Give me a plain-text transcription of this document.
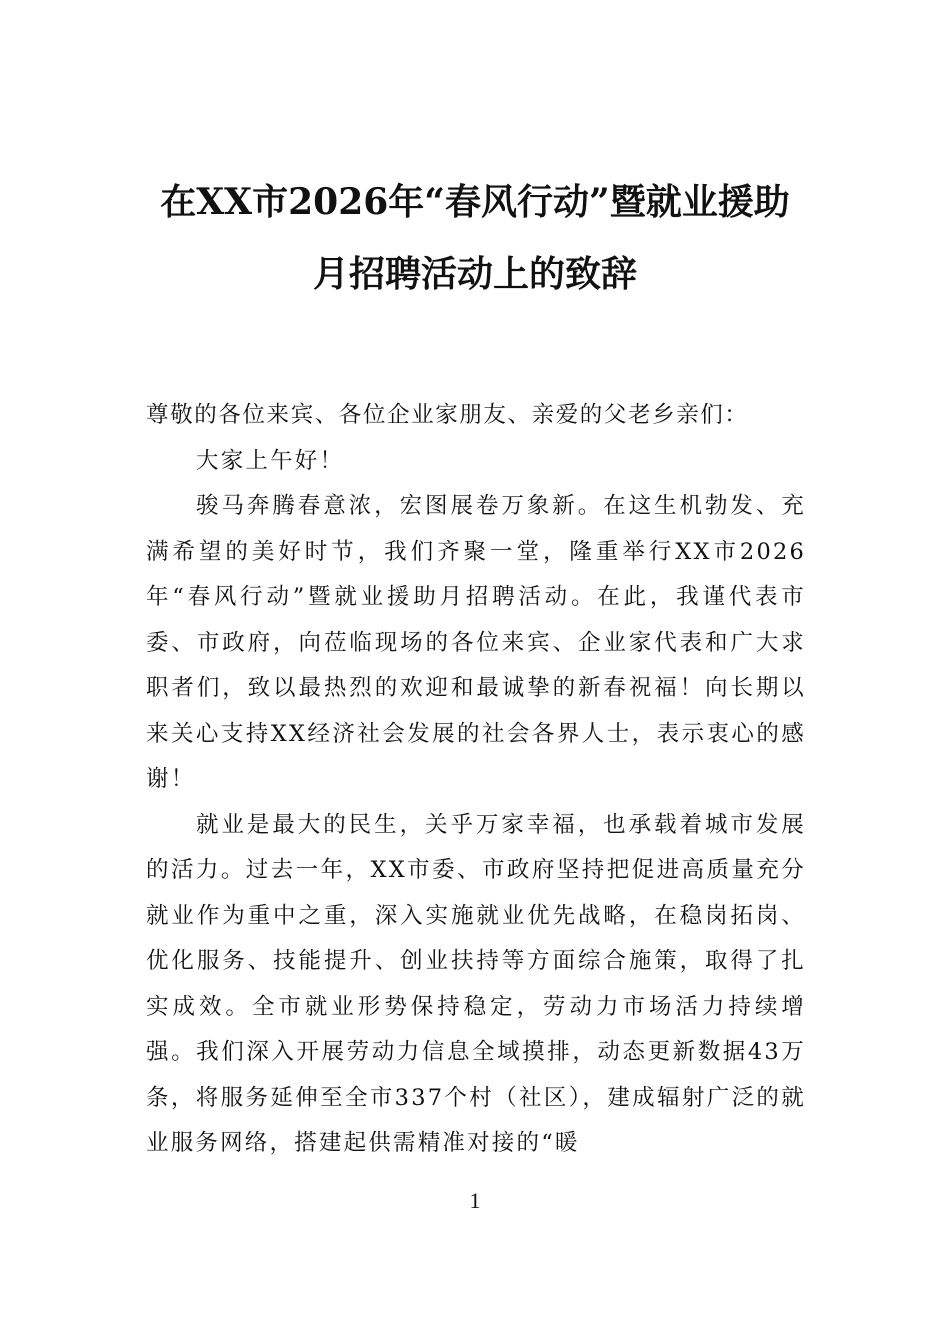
在XX市2026年“春风行动”暨就业援助
月招聘活动上的致辞

尊敬的各位来宾、各位企业家朋友、亲爱的父老乡亲们：

大家上午好！

骏马奔腾春意浓，宏图展卷万象新。在这生机勃发、充满希望的美好时节，我们齐聚一堂，隆重举行XX市2026年“春风行动”暨就业援助月招聘活动。在此，我谨代表市委、市政府，向莅临现场的各位来宾、企业家代表和广大求职者们，致以最热烈的欢迎和最诚挚的新春祝福！向长期以来关心支持XX经济社会发展的社会各界人士，表示衷心的感谢！

就业是最大的民生，关乎万家幸福，也承载着城市发展的活力。过去一年，XX市委、市政府坚持把促进高质量充分就业作为重中之重，深入实施就业优先战略，在稳岗拓岗、优化服务、技能提升、创业扶持等方面综合施策，取得了扎实成效。全市就业形势保持稳定，劳动力市场活力持续增强。我们深入开展劳动力信息全域摸排，动态更新数据43万条，将服务延伸至全市337个村（社区），建成辐射广泛的就业服务网络，搭建起供需精准对接的“暖

1
